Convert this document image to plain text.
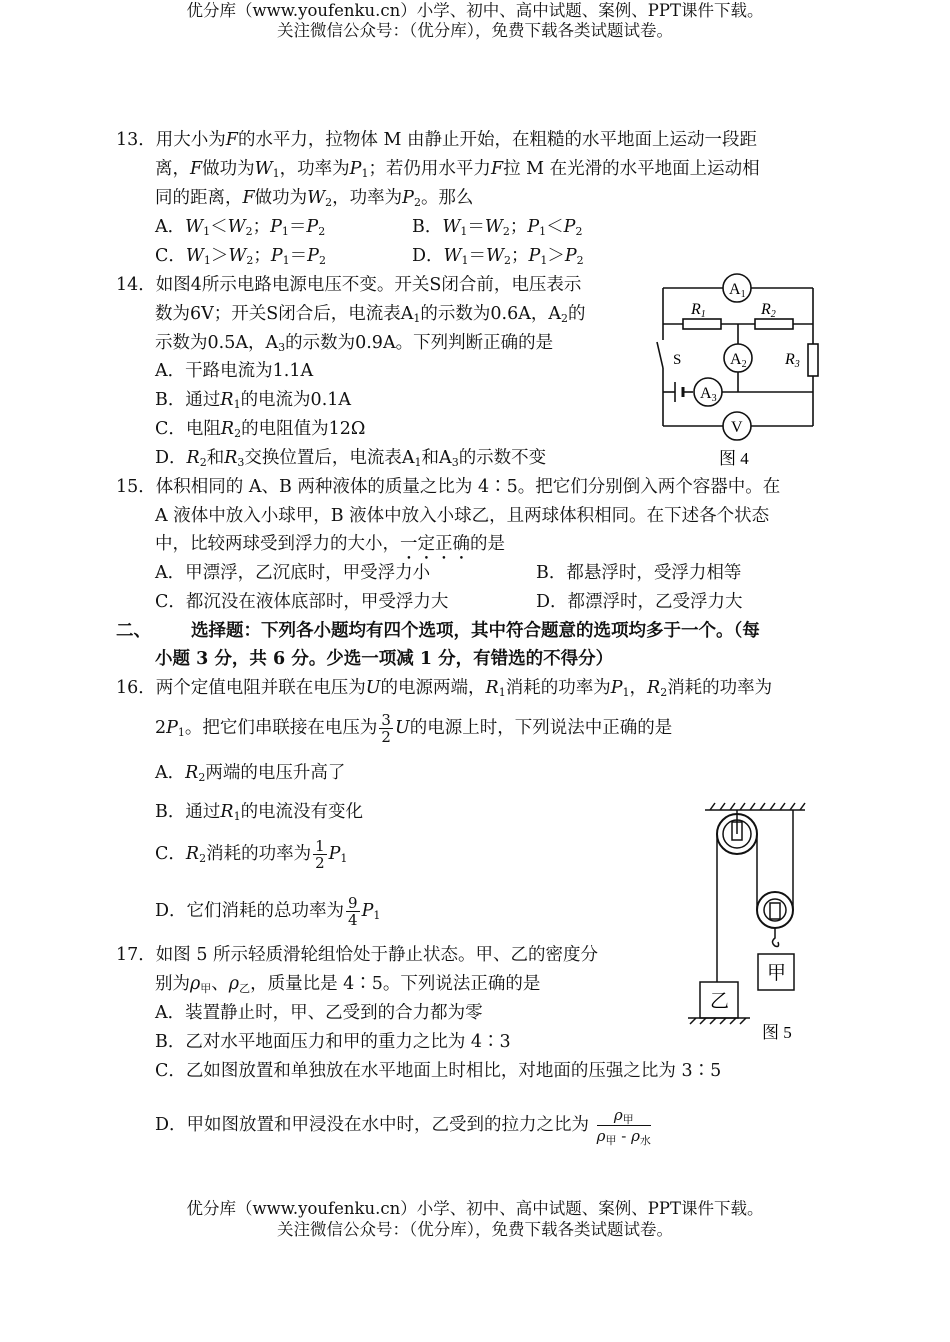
优分库（www.youfenku.cn）小学、初中、高中试题、案例、PPT课件下载。
关注微信公众号：（优分库），免费下载各类试题试卷。
13．用大小为F的水平力，拉物体 M 由静止开始，在粗糙的水平地面上运动一段距
离，F做功为$W_1$，功率为$P_1$；若仍用水平力F拉 M 在光滑的水平地面上运动相
同的距离，F做功为$W_2$，功率为$P_2$。那么
A．$W_1<W_2$；$P_1=P_2$	B．$W_1=W_2$；$P_1<P_2$
C．$W_1>W_2$；$P_1=P_2$	D．$W_1=W_2$；$P_1>P_2$
14．如图4所示电路电源电压不变。开关S闭合前，电压表示
数为6V；开关S闭合后，电流表$A_1$的示数为0.6A，$A_2$的
示数为0.5A，$A_3$的示数为0.9A。下列判断正确的是
A．干路电流为1.1A
B．通过$R_1$的电流为0.1A
C．电阻$R_2$的电阻值为12Ω
D．$R_2$和$R_3$交换位置后，电流表$A_1$和$A_3$的示数不变
A1
A2
A3
V
R1	R2
R3
S
图 4
15．体积相同的 A、B 两种液体的质量之比为 4∶5。把它们分别倒入两个容器中。在
A 液体中放入小球甲，B 液体中放入小球乙，且两球体积相同。在下述各个状态
中，比较两球受到浮力的大小，一定正确的是
A．甲漂浮，乙沉底时，甲受浮力小	B．都悬浮时，受浮力相等
C．都沉没在液体底部时，甲受浮力大	D．都漂浮时，乙受浮力大
二、 选择题：下列各小题均有四个选项，其中符合题意的选项均多于一个。（每
小题 3 分，共 6 分。少选一项减 1 分，有错选的不得分）
16．两个定值电阻并联在电压为U的电源两端，$R_1$消耗的功率为$P_1$，$R_2$消耗的功率为
$2P_1$。把它们串联接在电压为 $\frac{3}{2}$ U的电源上时，下列说法中正确的是
A．$R_2$两端的电压升高了
B．通过$R_1$的电流没有变化
C．$R_2$消耗的功率为 $\frac{1}{2} P_1$
D．它们消耗的总功率为 $\frac{9}{4} P_1$
甲
乙
图 5
17．如图 5 所示轻质滑轮组恰处于静止状态。甲、乙的密度分
别为$\rho_甲$、$\rho_乙$，质量比是 4∶5。下列说法正确的是
A．装置静止时，甲、乙受到的合力都为零
B．乙对水平地面压力和甲的重力之比为 4∶3
C．乙如图放置和单独放在水平地面上时相比，对地面的压强之比为 3∶5
D．甲如图放置和甲浸没在水中时，乙受到的拉力之比为 $\frac{\rho_甲}{\rho_甲 - \rho_水}$
优分库（www.youfenku.cn）小学、初中、高中试题、案例、PPT课件下载。
关注微信公众号：（优分库），免费下载各类试题试卷。
